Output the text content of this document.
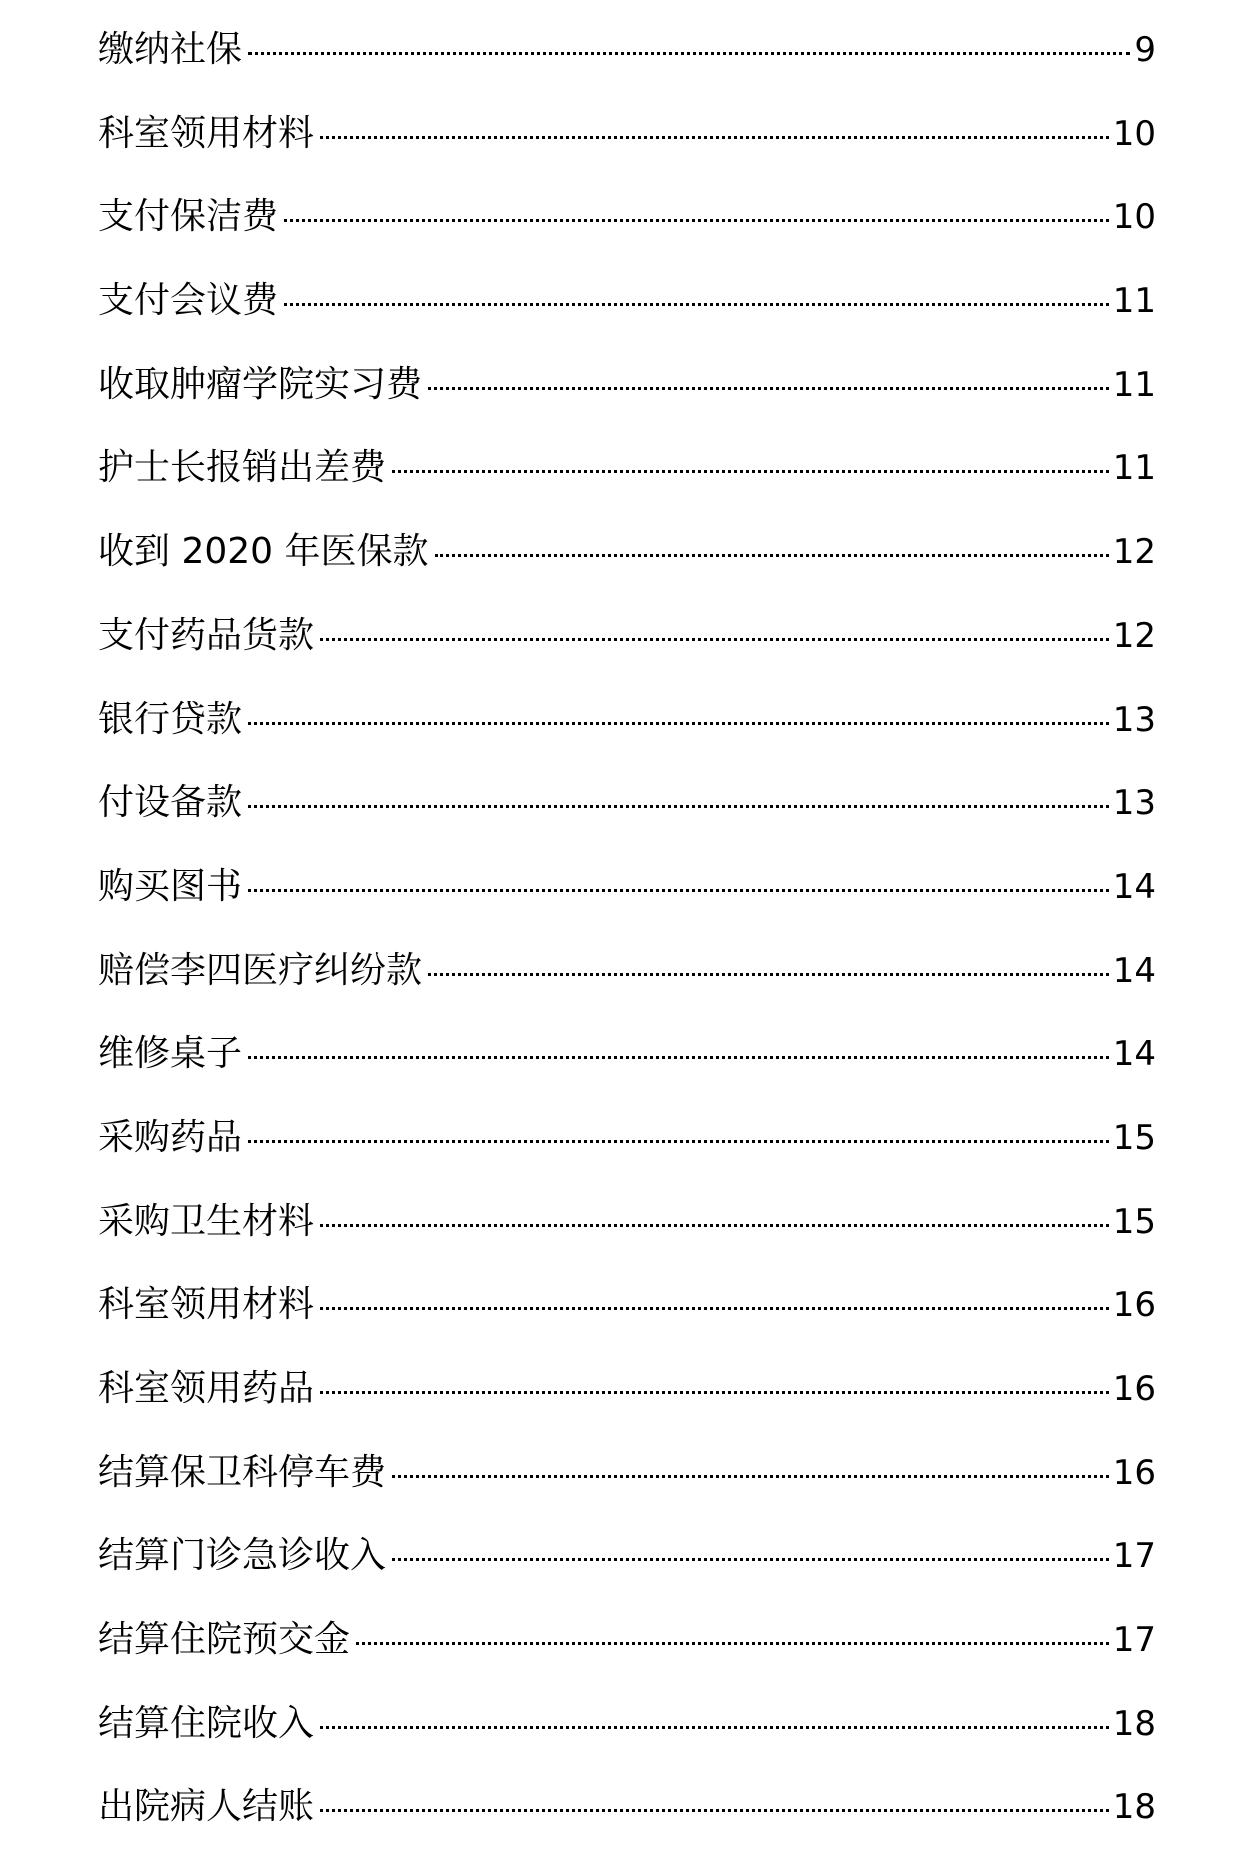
缴纳社保	9
科室领用材料	10
支付保洁费	10
支付会议费	11
收取肿瘤学院实习费	11
护士长报销出差费	11
收到 2020 年医保款	12
支付药品货款	12
银行贷款	13
付设备款	13
购买图书	14
赔偿李四医疗纠纷款	14
维修桌子	14
采购药品	15
采购卫生材料	15
科室领用材料	16
科室领用药品	16
结算保卫科停车费	16
结算门诊急诊收入	17
结算住院预交金	17
结算住院收入	18
出院病人结账	18
